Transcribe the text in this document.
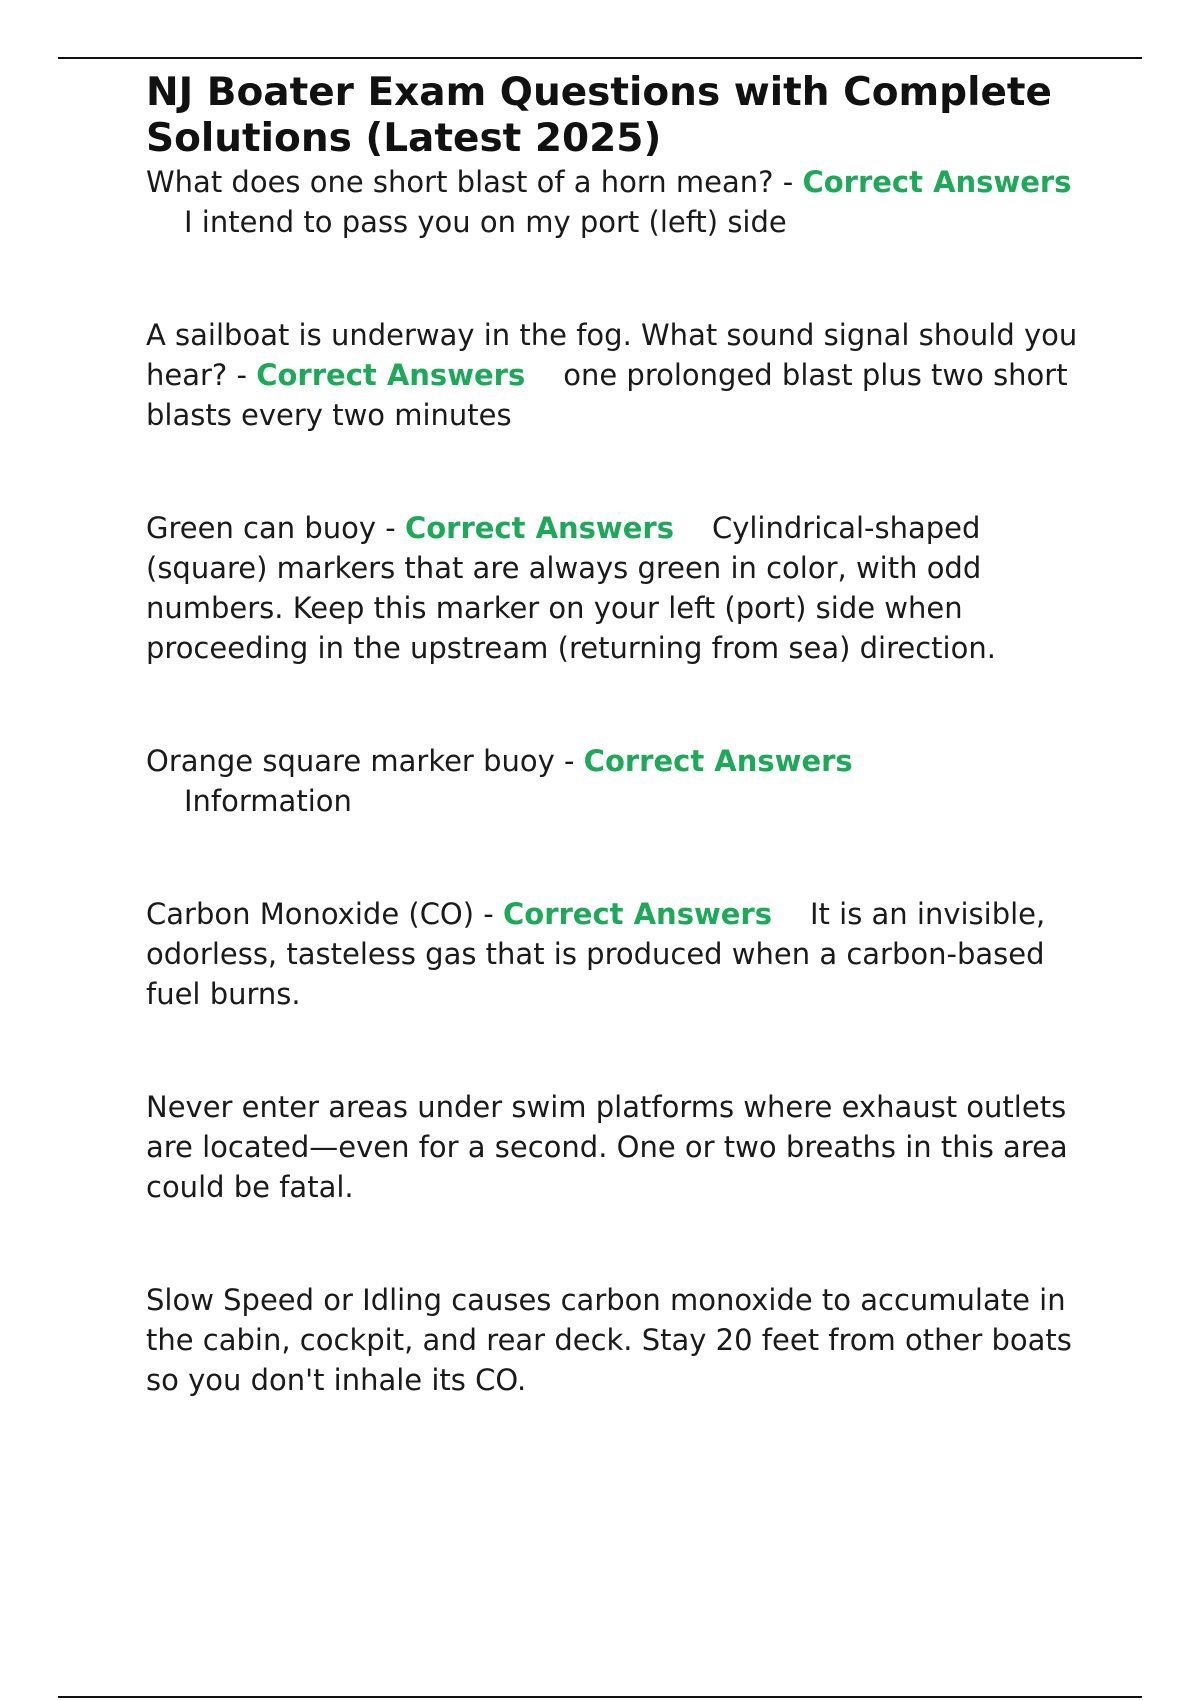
NJ Boater Exam Questions with Complete Solutions (Latest 2025)

What does one short blast of a horn mean? - Correct AnswersI intend to pass you on my port (left) side

A sailboat is underway in the fog. What sound signal should you hear? - Correct Answers one prolonged blast plus two short blasts every two minutes

Green can buoy - Correct Answers Cylindrical-shaped (square) markers that are always green in color, with odd numbers. Keep this marker on your left (port) side when proceeding in the upstream (returning from sea) direction.

Orange square marker buoy - Correct Answers
Information

Carbon Monoxide (CO) - Correct Answers It is an invisible, odorless, tasteless gas that is produced when a carbon-based fuel burns.

Never enter areas under swim platforms where exhaust outlets are located—even for a second. One or two breaths in this area could be fatal.

Slow Speed or Idling causes carbon monoxide to accumulate in the cabin, cockpit, and rear deck. Stay 20 feet from other boats so you don't inhale its CO.
